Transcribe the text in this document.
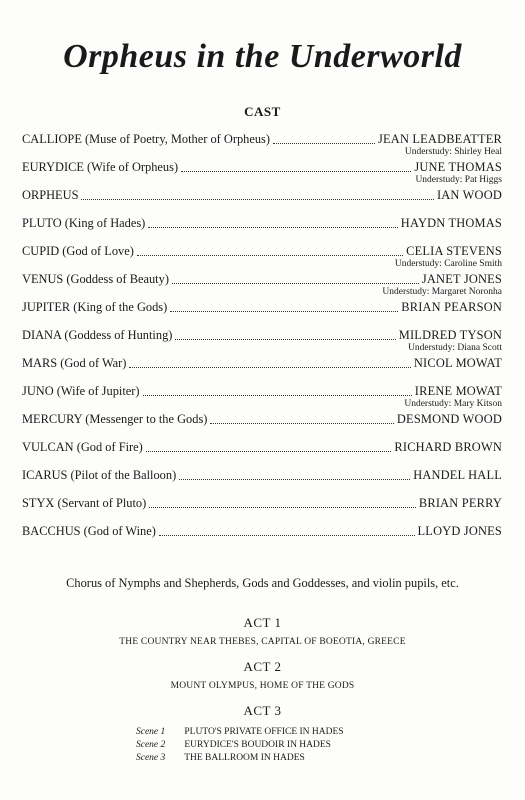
Orpheus in the Underworld
CAST
CALLIOPE (Muse of Poetry, Mother of Orpheus)	JEAN LEADBEATTER
Understudy: Shirley Heal
EURYDICE (Wife of Orpheus)	JUNE THOMAS
Understudy: Pat Higgs
ORPHEUS	IAN WOOD
PLUTO (King of Hades)	HAYDN THOMAS
CUPID (God of Love)	CELIA STEVENS
Understudy: Caroline Smith
VENUS (Goddess of Beauty)	JANET JONES
Understudy: Margaret Noronha
JUPITER (King of the Gods)	BRIAN PEARSON
DIANA (Goddess of Hunting)	MILDRED TYSON
Understudy: Diana Scott
MARS (God of War)	NICOL MOWAT
JUNO (Wife of Jupiter)	IRENE MOWAT
Understudy: Mary Kitson
MERCURY (Messenger to the Gods)	DESMOND WOOD
VULCAN (God of Fire)	RICHARD BROWN
ICARUS (Pilot of the Balloon)	HANDEL HALL
STYX (Servant of Pluto)	BRIAN PERRY
BACCHUS (God of Wine)	LLOYD JONES
Chorus of Nymphs and Shepherds, Gods and Goddesses, and violin pupils, etc.
ACT 1
THE COUNTRY NEAR THEBES, CAPITAL OF BOEOTIA, GREECE
ACT 2
MOUNT OLYMPUS, HOME OF THE GODS
ACT 3
Scene 1 PLUTO'S PRIVATE OFFICE IN HADES
Scene 2 EURYDICE'S BOUDOIR IN HADES
Scene 3 THE BALLROOM IN HADES
